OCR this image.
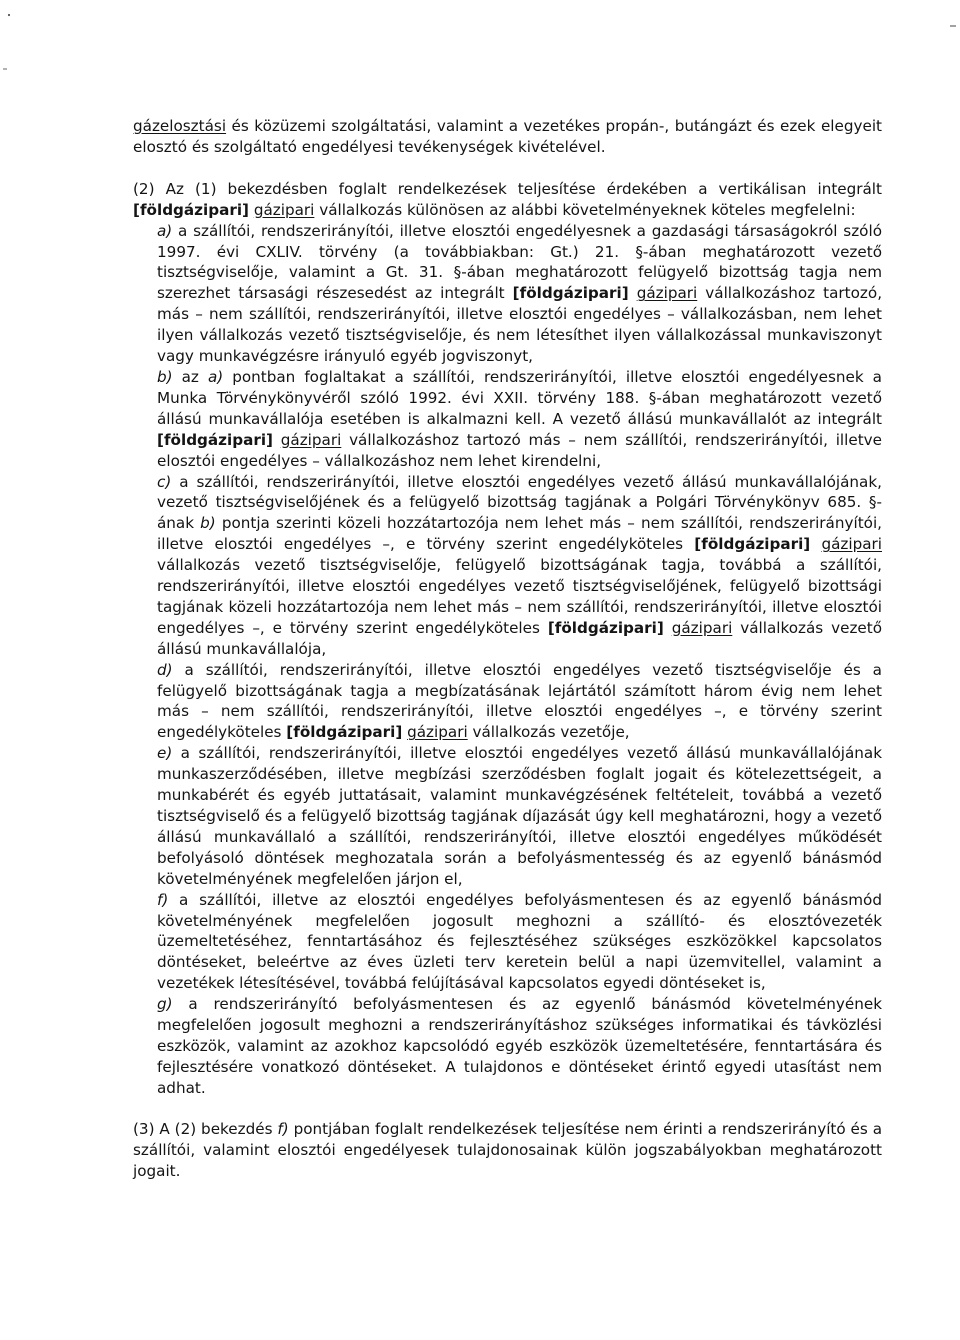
gázelosztási és közüzemi szolgáltatási, valamint a vezetékes propán-, butángázt és ezek elegyeit elosztó és szolgáltató engedélyesi tevékenységek kivételével.

(2) Az (1) bekezdésben foglalt rendelkezések teljesítése érdekében a vertikálisan integrált [földgázipari] gázipari vállalkozás különösen az alábbi követelményeknek köteles megfelelni:

a) a szállítói, rendszerirányítói, illetve elosztói engedélyesnek a gazdasági társaságokról szóló 1997. évi CXLIV. törvény (a továbbiakban: Gt.) 21. §-ában meghatározott vezető tisztségviselője, valamint a Gt. 31. §-ában meghatározott felügyelő bizottság tagja nem szerezhet társasági részesedést az integrált [földgázipari] gázipari vállalkozáshoz tartozó, más – nem szállítói, rendszerirányítói, illetve elosztói engedélyes – vállalkozásban, nem lehet ilyen vállalkozás vezető tisztségviselője, és nem létesíthet ilyen vállalkozással munkaviszonyt vagy munkavégzésre irányuló egyéb jogviszonyt,

b) az a) pontban foglaltakat a szállítói, rendszerirányítói, illetve elosztói engedélyesnek a Munka Törvénykönyvéről szóló 1992. évi XXII. törvény 188. §-ában meghatározott vezető állású munkavállalója esetében is alkalmazni kell. A vezető állású munkavállalót az integrált [földgázipari] gázipari vállalkozáshoz tartozó más – nem szállítói, rendszerirányítói, illetve elosztói engedélyes – vállalkozáshoz nem lehet kirendelni,

c) a szállítói, rendszerirányítói, illetve elosztói engedélyes vezető állású munkavállalójának, vezető tisztségviselőjének és a felügyelő bizottság tagjának a Polgári Törvénykönyv 685. §-ának b) pontja szerinti közeli hozzátartozója nem lehet más – nem szállítói, rendszerirányítói, illetve elosztói engedélyes –, e törvény szerint engedélyköteles [földgázipari] gázipari vállalkozás vezető tisztségviselője, felügyelő bizottságának tagja, továbbá a szállítói, rendszerirányítói, illetve elosztói engedélyes vezető tisztségviselőjének, felügyelő bizottsági tagjának közeli hozzátartozója nem lehet más – nem szállítói, rendszerirányítói, illetve elosztói engedélyes –, e törvény szerint engedélyköteles [földgázipari] gázipari vállalkozás vezető állású munkavállalója,

d) a szállítói, rendszerirányítói, illetve elosztói engedélyes vezető tisztségviselője és a felügyelő bizottságának tagja a megbízatásának lejártától számított három évig nem lehet más – nem szállítói, rendszerirányítói, illetve elosztói engedélyes –, e törvény szerint engedélyköteles [földgázipari] gázipari vállalkozás vezetője,

e) a szállítói, rendszerirányítói, illetve elosztói engedélyes vezető állású munkavállalójának munkaszerződésében, illetve megbízási szerződésben foglalt jogait és kötelezettségeit, a munkabérét és egyéb juttatásait, valamint munkavégzésének feltételeit, továbbá a vezető tisztségviselő és a felügyelő bizottság tagjának díjazását úgy kell meghatározni, hogy a vezető állású munkavállaló a szállítói, rendszerirányítói, illetve elosztói engedélyes működését befolyásoló döntések meghozatala során a befolyásmentesség és az egyenlő bánásmód követelményének megfelelően járjon el,

f) a szállítói, illetve az elosztói engedélyes befolyásmentesen és az egyenlő bánásmód követelményének megfelelően jogosult meghozni a szállító- és elosztóvezeték üzemeltetéséhez, fenntartásához és fejlesztéséhez szükséges eszközökkel kapcsolatos döntéseket, beleértve az éves üzleti terv keretein belül a napi üzemvitellel, valamint a vezetékek létesítésével, továbbá felújításával kapcsolatos egyedi döntéseket is,

g) a rendszerirányító befolyásmentesen és az egyenlő bánásmód követelményének megfelelően jogosult meghozni a rendszerirányításhoz szükséges informatikai és távközlési eszközök, valamint az azokhoz kapcsolódó egyéb eszközök üzemeltetésére, fenntartására és fejlesztésére vonatkozó döntéseket. A tulajdonos e döntéseket érintő egyedi utasítást nem adhat.

(3) A (2) bekezdés f) pontjában foglalt rendelkezések teljesítése nem érinti a rendszerirányító és a szállítói, valamint elosztói engedélyesek tulajdonosainak külön jogszabályokban meghatározott jogait.
